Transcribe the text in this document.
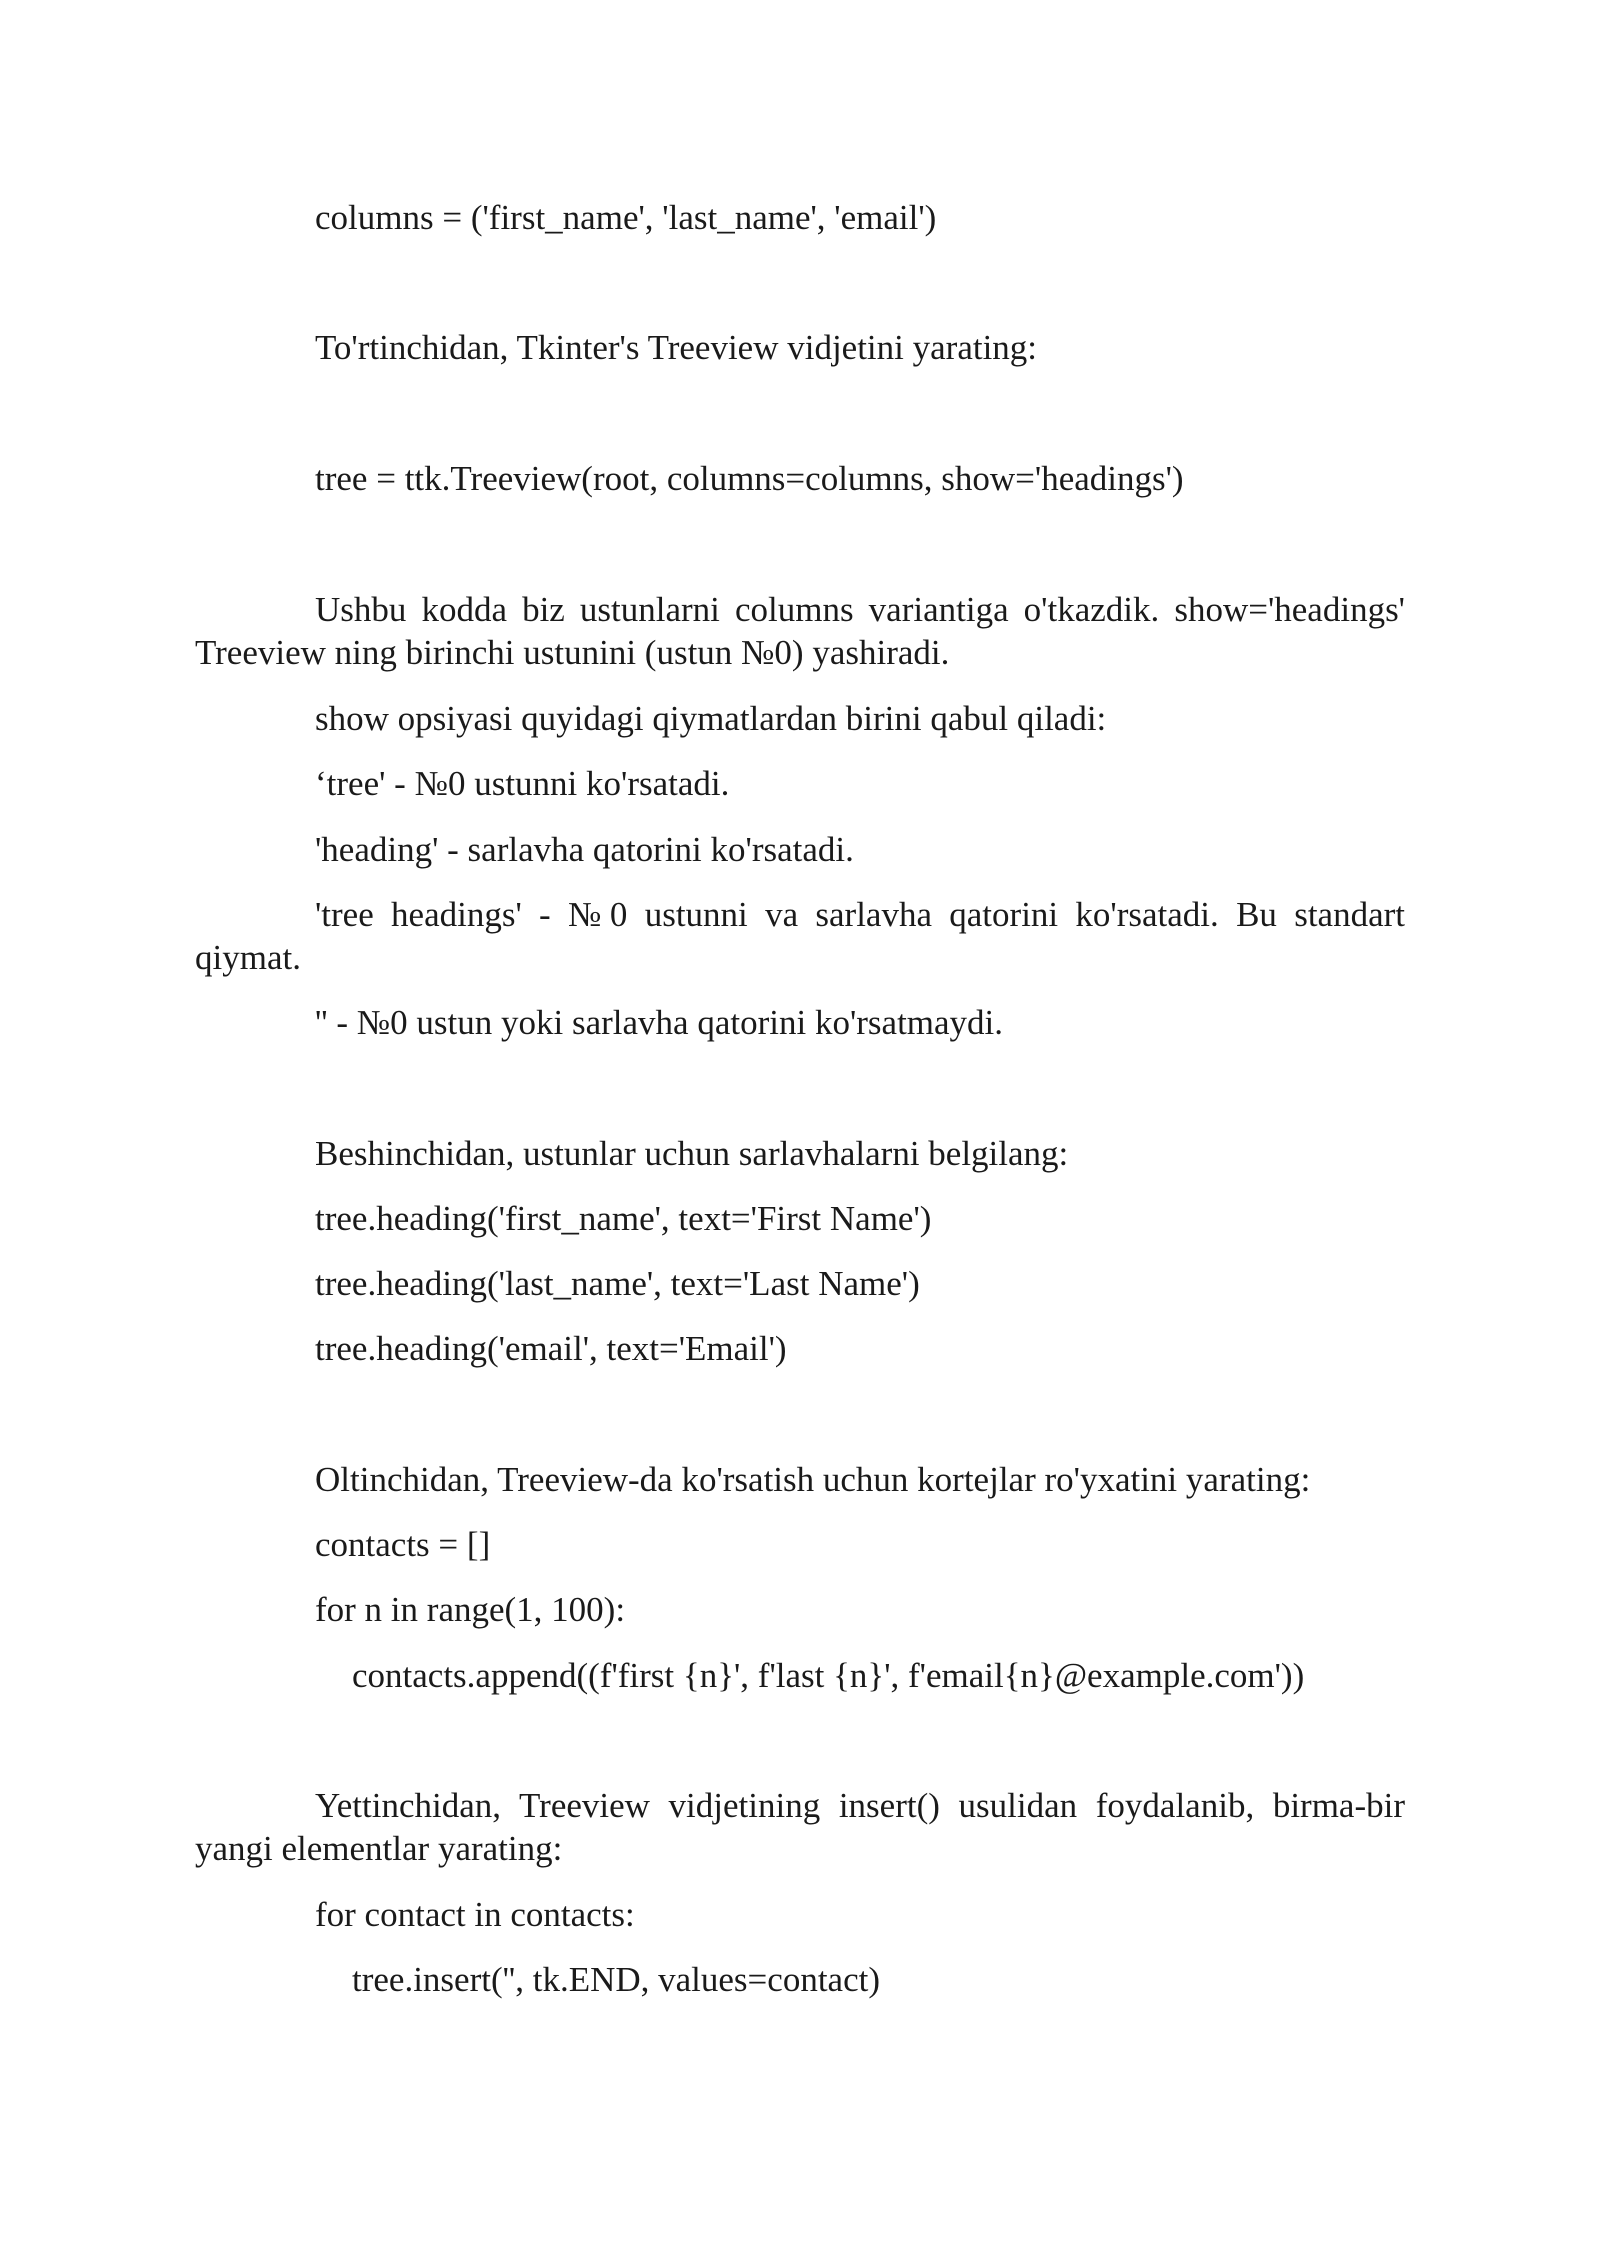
columns = ('first_name', 'last_name', 'email')

To'rtinchidan, Tkinter's Treeview vidjetini yarating:

tree = ttk.Treeview(root, columns=columns, show='headings')

Ushbu kodda biz ustunlarni columns variantiga o'tkazdik. show='headings' Treeview ning birinchi ustunini (ustun №0) yashiradi.

show opsiyasi quyidagi qiymatlardan birini qabul qiladi:

‘tree' - №0 ustunni ko'rsatadi.

'heading' - sarlavha qatorini ko'rsatadi.

'tree headings' - №0 ustunni va sarlavha qatorini ko'rsatadi. Bu standart qiymat.

'' - №0 ustun yoki sarlavha qatorini ko'rsatmaydi.

Beshinchidan, ustunlar uchun sarlavhalarni belgilang:

tree.heading('first_name', text='First Name')

tree.heading('last_name', text='Last Name')

tree.heading('email', text='Email')

Oltinchidan, Treeview-da ko'rsatish uchun kortejlar ro'yxatini yarating:

contacts = []

for n in range(1, 100):

contacts.append((f'first {n}', f'last {n}', f'email{n}@example.com'))

Yettinchidan, Treeview vidjetining insert() usulidan foydalanib, birma-bir yangi elementlar yarating:

for contact in contacts:

tree.insert('', tk.END, values=contact)
